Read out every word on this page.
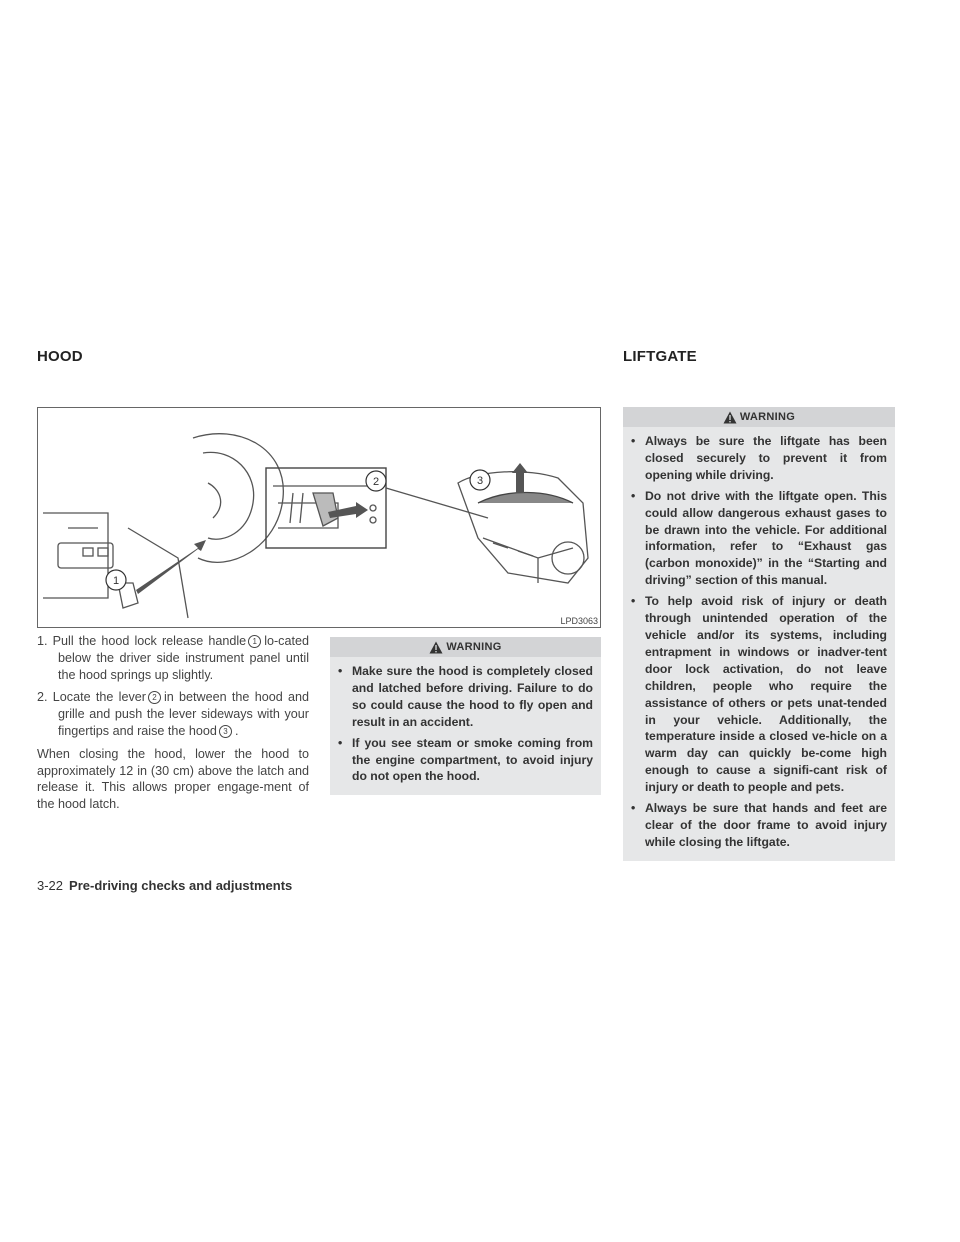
HOOD	LIFTGATE
1
2	3
LPD3063
1. Pull the hood lock release handle 1 lo-cated below the driver side instrument panel until the hood springs up slightly.
2. Locate the lever 2 in between the hood and grille and push the lever sideways with your fingertips and raise the hood 3 .
When closing the hood, lower the hood to approximately 12 in (30 cm) above the latch and release it. This allows proper engage-ment of the hood latch.
WARNING
• Make sure the hood is completely closed and latched before driving. Failure to do so could cause the hood to fly open and result in an accident.
• If you see steam or smoke coming from the engine compartment, to avoid injury do not open the hood.
WARNING
• Always be sure the liftgate has been closed securely to prevent it from opening while driving.
• Do not drive with the liftgate open. This could allow dangerous exhaust gases to be drawn into the vehicle. For additional information, refer to “Exhaust gas (carbon monoxide)” in the “Starting and driving” section of this manual.
• To help avoid risk of injury or death through unintended operation of the vehicle and/or its systems, including entrapment in windows or inadver-tent door lock activation, do not leave children, people who require the assistance of others or pets unat-tended in your vehicle. Additionally, the temperature inside a closed ve-hicle on a warm day can quickly be-come high enough to cause a signifi-cant risk of injury or death to people and pets.
• Always be sure that hands and feet are clear of the door frame to avoid injury while closing the liftgate.
3-22 Pre-driving checks and adjustments
